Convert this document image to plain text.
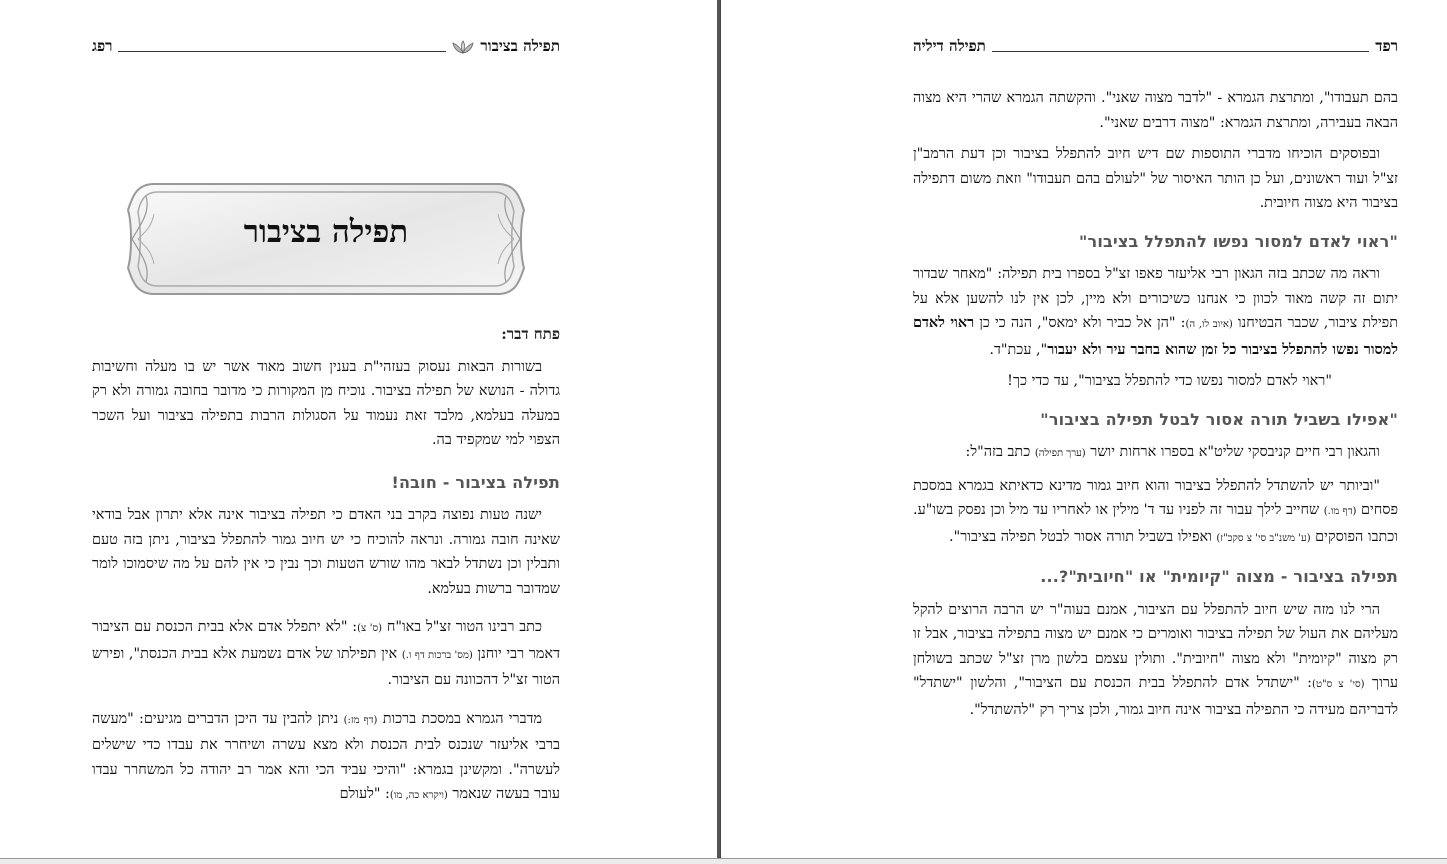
תפילה בציבור
רפג
תפילה בציבור
פתח דבר:

בשורות הבאות נעסוק בעזהי"ת בענין חשוב מאוד אשר יש בו מעלה וחשיבות גדולה - הנושא של תפילה בציבור. נוכיח מן המקורות כי מדובר בחובה גמורה ולא רק במעלה בעלמא, מלבד זאת נעמוד על הסגולות הרבות בתפילה בציבור ועל השכר הצפוי למי שמקפיד בה.

תפילה בציבור - חובה!

ישנה טעות נפוצה בקרב בני האדם כי תפילה בציבור אינה אלא יתרון אבל בודאי שאינה חובה גמורה. ונראה להוכיח כי יש חיוב גמור להתפלל בציבור, ניתן בזה טעם ותבלין וכן נשתדל לבאר מהו שורש הטעות וכך נבין כי אין להם על מה שיסמוכו לומר שמדובר ברשות בעלמא.

כתב רבינו הטור זצ"ל באו"ח (ס' צ): "לא יתפלל אדם אלא בבית הכנסת עם הציבור דאמר רבי יוחנן (מס' ברכות דף ו.) אין תפילתו של אדם נשמעת אלא בבית הכנסת", ופירש הטור זצ"ל דהכוונה עם הציבור.

מדברי הגמרא במסכת ברכות (דף מז:) ניתן להבין עד היכן הדברים מגיעים: "מעשה ברבי אליעזר שנכנס לבית הכנסת ולא מצא עשרה ושיחרר את עבדו כדי שישלים לעשרה". ומקשינן בגמרא: "והיכי עביד הכי והא אמר רב יהודה כל המשחרר עבדו עובר בעשה שנאמר (ויקרא כה, מו): "לעולם

רפד
תפילה דיליה

בהם תעבודו", ומתרצת הגמרא - "לדבר מצוה שאני". והקשתה הגמרא שהרי היא מצוה הבאה בעבירה, ומתרצת הגמרא: "מצוה דרבים שאני".

ובפוסקים הוכיחו מדברי התוספות שם דיש חיוב להתפלל בציבור וכן דעת הרמב"ן זצ"ל ועוד ראשונים, ועל כן הותר האיסור של "לעולם בהם תעבודו" וזאת משום דתפילה בציבור היא מצוה חיובית.

"ראוי לאדם למסור נפשו להתפלל בציבור"

וראה מה שכתב בזה הגאון רבי אליעזר פאפו זצ"ל בספרו בית תפילה: "מאחר שבדור יתום זה קשה מאוד לכוון כי אנחנו כשיכורים ולא מיין, לכן אין לנו להשען אלא על תפילת ציבור, שכבר הבטיחנו (איוב לו, ה): "הן אל כביר ולא ימאס", הנה כי כן ראוי לאדם למסור נפשו להתפלל בציבור כל זמן שהוא בחבר עיר ולא יעבור", עכת"ד.

"ראוי לאדם למסור נפשו כדי להתפלל בציבור", עד כדי כך!

"אפילו בשביל תורה אסור לבטל תפילה בציבור"

והגאון רבי חיים קניבסקי שליט"א בספרו ארחות יושר (ערך תפילה) כתב בזה"ל:

"וביותר יש להשתדל להתפלל בציבור והוא חיוב גמור מדינא כדאיתא בגמרא במסכת פסחים (דף מו.) שחייב לילך עבור זה לפניו עד ד' מילין או לאחריו עד מיל וכן נפסק בשו"ע. וכתבו הפוסקים (ע' משנ"ב סי' צ סקכ"ז) ואפילו בשביל תורה אסור לבטל תפילה בציבור".

תפילה בציבור - מצוה "קיומית" או "חיובית"?...

הרי לנו מזה שיש חיוב להתפלל עם הציבור, אמנם בעוה"ר יש הרבה הרוצים להקל מעליהם את העול של תפילה בציבור ואומרים כי אמנם יש מצוה בתפילה בציבור, אבל זו רק מצוה "קיומית" ולא מצוה "חיובית". ותולין עצמם בלשון מרן זצ"ל שכתב בשולחן ערוך (סי' צ ס"ט): "ישתדל אדם להתפלל בבית הכנסת עם הציבור", והלשון "ישתדל" לדבריהם מעידה כי התפילה בציבור אינה חיוב גמור, ולכן צריך רק "להשתדל".
